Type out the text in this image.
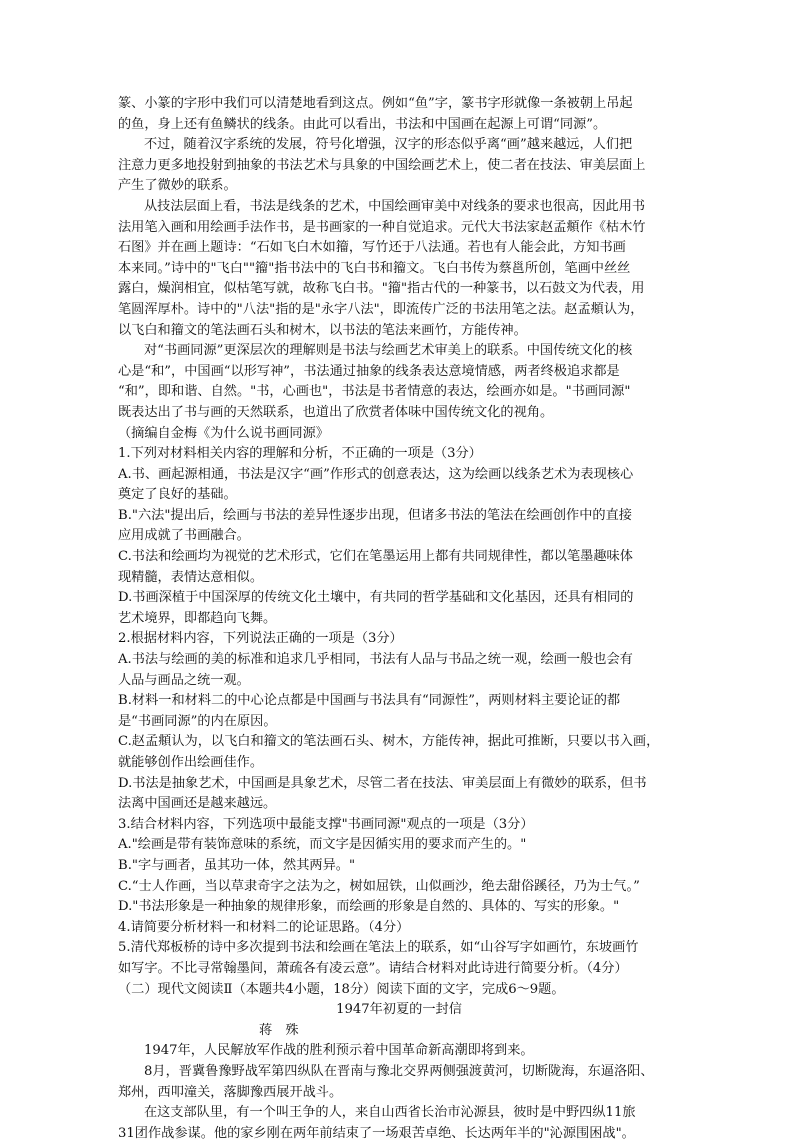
篆、小篆的字形中我们可以清楚地看到这点。例如“鱼”字，篆书字形就像一条被朝上吊起
的鱼，身上还有鱼鳞状的线条。由此可以看出，书法和中国画在起源上可谓“同源”。
不过，随着汉字系统的发展，符号化增强，汉字的形态似乎离“画”越来越远，人们把
注意力更多地投射到抽象的书法艺术与具象的中国绘画艺术上，使二者在技法、审美层面上
产生了微妙的联系。
从技法层面上看，书法是线条的艺术，中国绘画审美中对线条的要求也很高，因此用书
法用笔入画和用绘画手法作书，是书画家的一种自觉追求。元代大书法家赵孟頫作《枯木竹
石图》并在画上题诗：“石如飞白木如籀，写竹还于八法通。若也有人能会此，方知书画
本来同。”诗中的"飞白""籀"指书法中的飞白书和籀文。飞白书传为蔡邕所创，笔画中丝丝
露白，燥润相宜，似枯笔写就，故称飞白书。"籀"指古代的一种篆书，以石鼓文为代表，用
笔圆浑厚朴。诗中的"八法"指的是"永字八法"，即流传广泛的书法用笔之法。赵孟頫认为，
以飞白和籀文的笔法画石头和树木，以书法的笔法来画竹，方能传神。
对“书画同源”更深层次的理解则是书法与绘画艺术审美上的联系。中国传统文化的核
心是“和”，中国画“以形写神”，书法通过抽象的线条表达意境情感，两者终极追求都是
“和”，即和谐、自然。"书，心画也"，书法是书者情意的表达，绘画亦如是。"书画同源"
既表达出了书与画的天然联系，也道出了欣赏者体味中国传统文化的视角。
（摘编自金梅《为什么说书画同源》
1.下列对材料相关内容的理解和分析，不正确的一项是（3分）
A.书、画起源相通，书法是汉字“画”作形式的创意表达，这为绘画以线条艺术为表现核心
奠定了良好的基础。
B."六法"提出后，绘画与书法的差异性逐步出现，但诸多书法的笔法在绘画创作中的直接
应用成就了书画融合。
C.书法和绘画均为视觉的艺术形式，它们在笔墨运用上都有共同规律性，都以笔墨趣味体
现精髓，表情达意相似。
D.书画深植于中国深厚的传统文化土壤中，有共同的哲学基础和文化基因，还具有相同的
艺术境界，即都趋向飞舞。
2.根据材料内容，下列说法正确的一项是（3分）
A.书法与绘画的美的标准和追求几乎相同，书法有人品与书品之统一观，绘画一般也会有
人品与画品之统一观。
B.材料一和材料二的中心论点都是中国画与书法具有“同源性”，两则材料主要论证的都
是“书画同源”的内在原因。
C.赵孟頫认为，以飞白和籀文的笔法画石头、树木，方能传神，据此可推断，只要以书入画，
就能够创作出绘画佳作。
D.书法是抽象艺术，中国画是具象艺术，尽管二者在技法、审美层面上有微妙的联系，但书
法离中国画还是越来越远。
3.结合材料内容，下列选项中最能支撑"书画同源"观点的一项是（3分）
A."绘画是带有装饰意味的系统，而文字是因循实用的要求而产生的。"
B."字与画者，虽其功一体，然其两异。"
C.“士人作画，当以草隶奇字之法为之，树如屈铁，山似画沙，绝去甜俗蹊径，乃为士气。”
D."书法形象是一种抽象的规律形象，而绘画的形象是自然的、具体的、写实的形象。"
4.请简要分析材料一和材料二的论证思路。（4分）
5.清代郑板桥的诗中多次提到书法和绘画在笔法上的联系，如“山谷写字如画竹，东坡画竹
如写字。不比寻常翰墨间，萧疏各有凌云意”。请结合材料对此诗进行简要分析。（4分）
（二）现代文阅读Ⅱ（本题共4小题，18分）阅读下面的文字，完成6～9题。
1947年初夏的一封信
蒋　殊
1947年，人民解放军作战的胜利预示着中国革命新高潮即将到来。
8月，晋冀鲁豫野战军第四纵队在晋南与豫北交界两侧强渡黄河，切断陇海，东逼洛阳、
郑州，西叩潼关，落脚豫西展开战斗。
在这支部队里，有一个叫王争的人，来自山西省长治市沁源县，彼时是中野四纵11旅
31团作战参谋。他的家乡刚在两年前结束了一场艰苦卓绝、长达两年半的"沁源围困战"。
